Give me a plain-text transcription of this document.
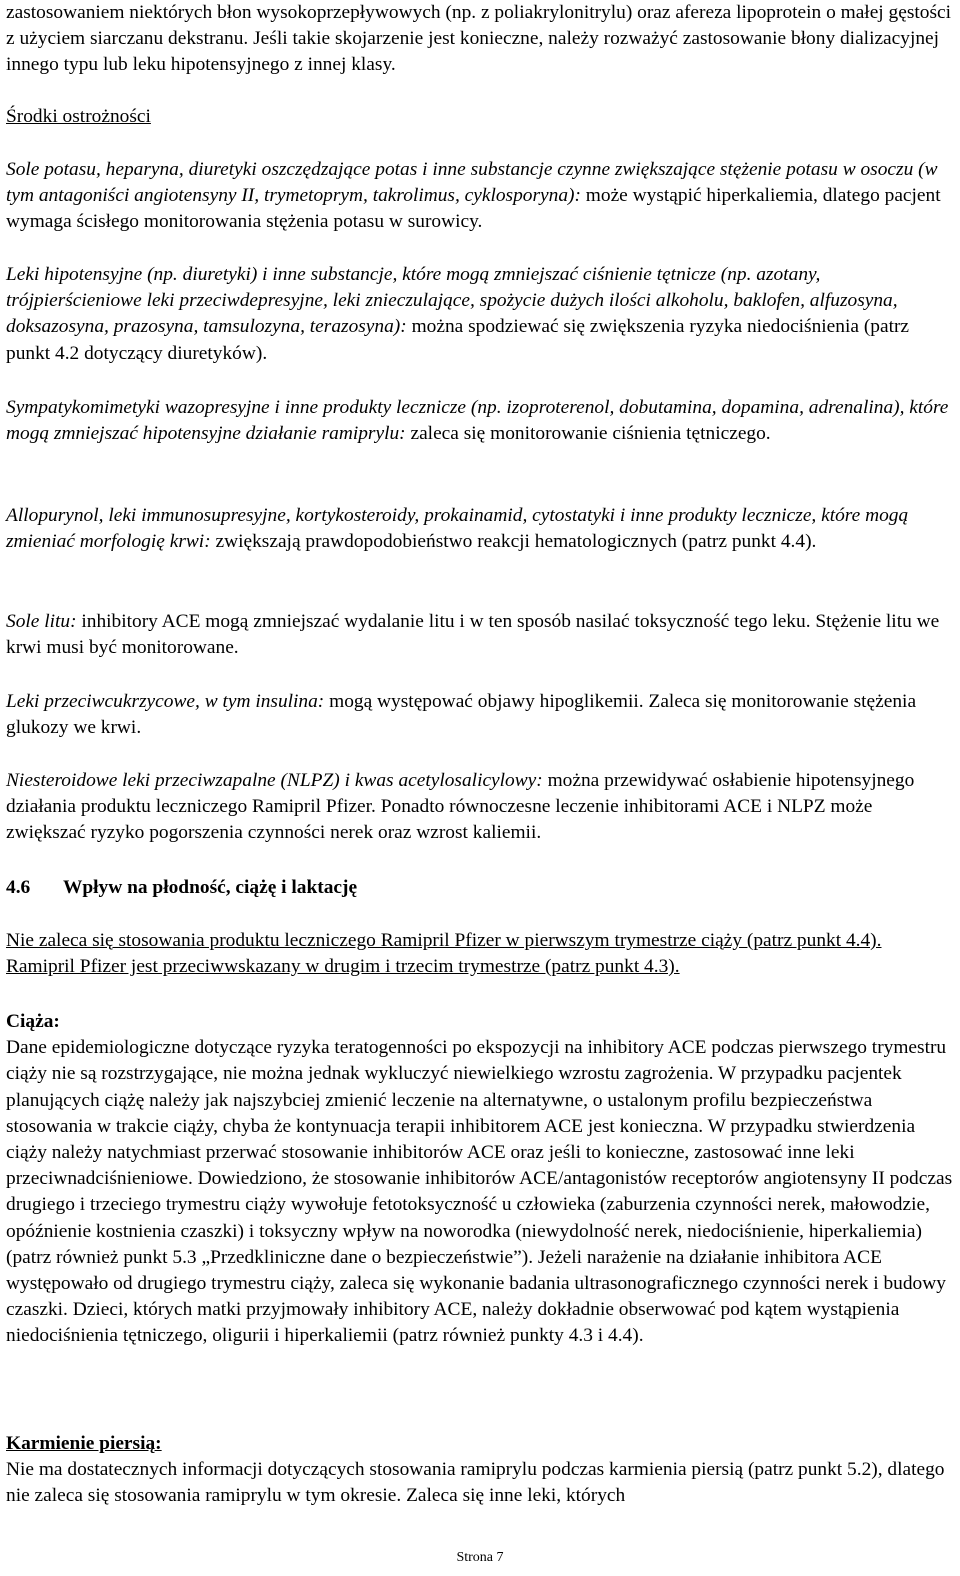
zastosowaniem niektórych błon wysokoprzepływowych (np. z poliakrylonitrylu) oraz afereza lipoprotein o małej gęstości z użyciem siarczanu dekstranu. Jeśli takie skojarzenie jest konieczne, należy rozważyć zastosowanie błony dializacyjnej innego typu lub leku hipotensyjnego z innej klasy.

Środki ostrożności

Sole potasu, heparyna, diuretyki oszczędzające potas i inne substancje czynne zwiększające stężenie potasu w osoczu (w tym antagoniści angiotensyny II, trymetoprym, takrolimus, cyklosporyna): może wystąpić hiperkaliemia, dlatego pacjent wymaga ścisłego monitorowania stężenia potasu w surowicy.

Leki hipotensyjne (np. diuretyki) i inne substancje, które mogą zmniejszać ciśnienie tętnicze (np. azotany, trójpierścieniowe leki przeciwdepresyjne, leki znieczulające, spożycie dużych ilości alkoholu, baklofen, alfuzosyna, doksazosyna, prazosyna, tamsulozyna, terazosyna): można spodziewać się zwiększenia ryzyka niedociśnienia (patrz punkt 4.2 dotyczący diuretyków).

Sympatykomimetyki wazopresyjne i inne produkty lecznicze (np. izoproterenol, dobutamina, dopamina, adrenalina), które mogą zmniejszać hipotensyjne działanie ramiprylu: zaleca się monitorowanie ciśnienia tętniczego.

Allopurynol, leki immunosupresyjne, kortykosteroidy, prokainamid, cytostatyki i inne produkty lecznicze, które mogą zmieniać morfologię krwi: zwiększają prawdopodobieństwo reakcji hematologicznych (patrz punkt 4.4).

Sole litu: inhibitory ACE mogą zmniejszać wydalanie litu i w ten sposób nasilać toksyczność tego leku. Stężenie litu we krwi musi być monitorowane.

Leki przeciwcukrzycowe, w tym insulina: mogą występować objawy hipoglikemii. Zaleca się monitorowanie stężenia glukozy we krwi.

Niesteroidowe leki przeciwzapalne (NLPZ) i kwas acetylosalicylowy: można przewidywać osłabienie hipotensyjnego działania produktu leczniczego Ramipril Pfizer. Ponadto równoczesne leczenie inhibitorami ACE i NLPZ może zwiększać ryzyko pogorszenia czynności nerek oraz wzrost kaliemii.

4.6 Wpływ na płodność, ciążę i laktację

Nie zaleca się stosowania produktu leczniczego Ramipril Pfizer w pierwszym trymestrze ciąży (patrz punkt 4.4). Ramipril Pfizer jest przeciwwskazany w drugim i trzecim trymestrze (patrz punkt 4.3).

Ciąża:
Dane epidemiologiczne dotyczące ryzyka teratogenności po ekspozycji na inhibitory ACE podczas pierwszego trymestru ciąży nie są rozstrzygające, nie można jednak wykluczyć niewielkiego wzrostu zagrożenia. W przypadku pacjentek planujących ciążę należy jak najszybciej zmienić leczenie na alternatywne, o ustalonym profilu bezpieczeństwa stosowania w trakcie ciąży, chyba że kontynuacja terapii inhibitorem ACE jest konieczna. W przypadku stwierdzenia ciąży należy natychmiast przerwać stosowanie inhibitorów ACE oraz jeśli to konieczne, zastosować inne leki przeciwnadciśnieniowe. Dowiedziono, że stosowanie inhibitorów ACE/antagonistów receptorów angiotensyny II podczas drugiego i trzeciego trymestru ciąży wywołuje fetotoksyczność u człowieka (zaburzenia czynności nerek, małowodzie, opóźnienie kostnienia czaszki) i toksyczny wpływ na noworodka (niewydolność nerek, niedociśnienie, hiperkaliemia) (patrz również punkt 5.3 „Przedkliniczne dane o bezpieczeństwie”). Jeżeli narażenie na działanie inhibitora ACE występowało od drugiego trymestru ciąży, zaleca się wykonanie badania ultrasonograficznego czynności nerek i budowy czaszki. Dzieci, których matki przyjmowały inhibitory ACE, należy dokładnie obserwować pod kątem wystąpienia niedociśnienia tętniczego, oligurii i hiperkaliemii (patrz również punkty 4.3 i 4.4).
Karmienie piersią:
Nie ma dostatecznych informacji dotyczących stosowania ramiprylu podczas karmienia piersią (patrz punkt 5.2), dlatego nie zaleca się stosowania ramiprylu w tym okresie. Zaleca się inne leki, których
Strona 7
